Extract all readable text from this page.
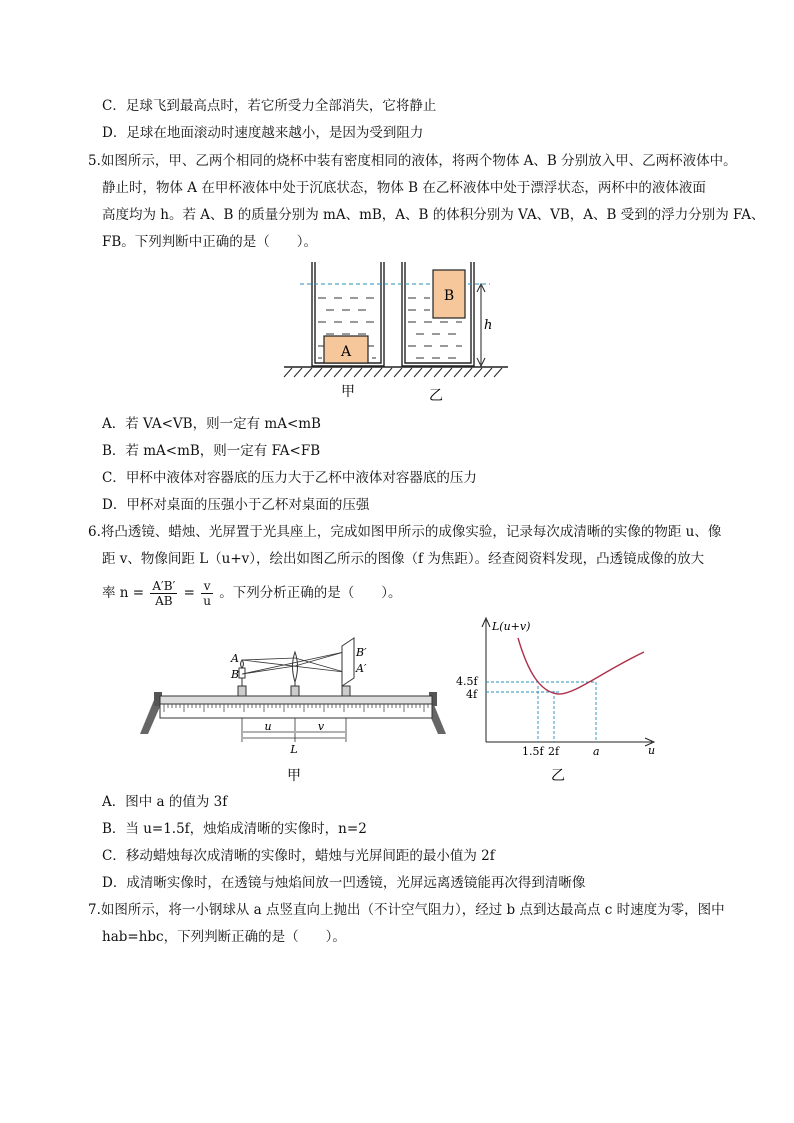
C．足球飞到最高点时，若它所受力全部消失，它将静止
D．足球在地面滚动时速度越来越小，是因为受到阻力
5.如图所示，甲、乙两个相同的烧杯中装有密度相同的液体，将两个物体 A、B 分别放入甲、乙两杯液体中。
静止时，物体 A 在甲杯液体中处于沉底状态，物体 B 在乙杯液体中处于漂浮状态，两杯中的液体液面
高度均为 h。若 A、B 的质量分别为 mA、mB，A、B 的体积分别为 VA、VB，A、B 受到的浮力分别为 FA、
FB。下列判断中正确的是（　　）。
A
B
h
甲	乙
A．若 VA<VB，则一定有 mA<mB
B．若 mA<mB，则一定有 FA<FB
C．甲杯中液体对容器底的压力大于乙杯中液体对容器底的压力
D．甲杯对桌面的压强小于乙杯对桌面的压强
6.将凸透镜、蜡烛、光屏置于光具座上，完成如图甲所示的成像实验，记录每次成清晰的实像的物距 u、像
距 v、物像间距 L（u+v），绘出如图乙所示的图像（f 为焦距）。经查阅资料发现，凸透镜成像的放大
率 $n = \frac{A'B'}{AB} = \frac{v}{u}$ 。下列分析正确的是（　　）。
A
B
B′
A′
u	v
L
甲
L(u+v)
u
4.5f
4f
1.5f 2f	a
乙
A．图中 a 的值为 3f
B．当 u=1.5f，烛焰成清晰的实像时，n=2
C．移动蜡烛每次成清晰的实像时，蜡烛与光屏间距的最小值为 2f
D．成清晰实像时，在透镜与烛焰间放一凹透镜，光屏远离透镜能再次得到清晰像
7.如图所示，将一小钢球从 a 点竖直向上抛出（不计空气阻力），经过 b 点到达最高点 c 时速度为零，图中
hab=hbc，下列判断正确的是（　　）。
